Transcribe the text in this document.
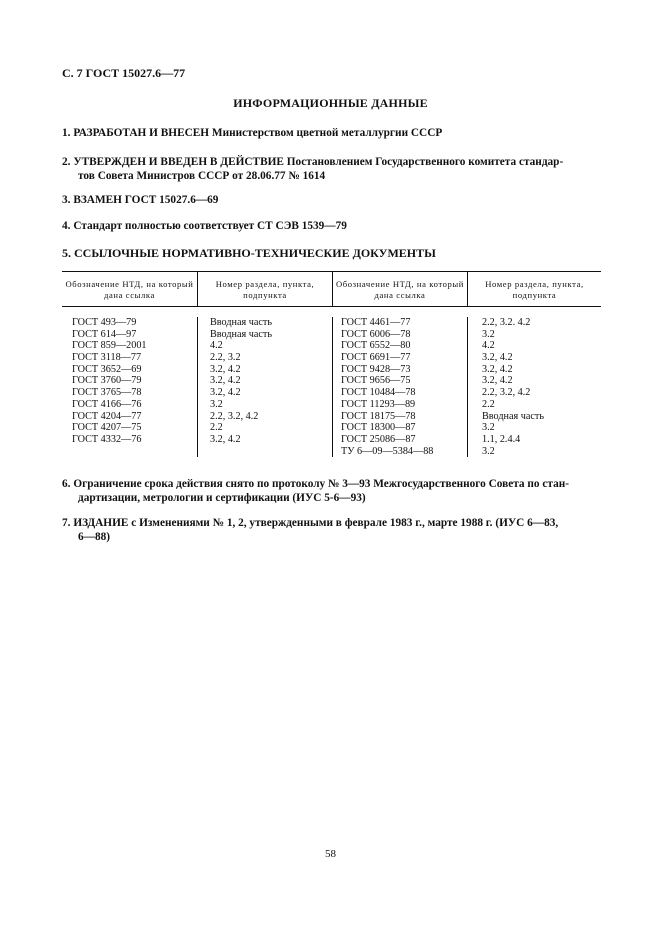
С. 7 ГОСТ 15027.6—77
ИНФОРМАЦИОННЫЕ ДАННЫЕ
1. РАЗРАБОТАН И ВНЕСЕН Министерством цветной металлургии СССР
2. УТВЕРЖДЕН И ВВЕДЕН В ДЕЙСТВИЕ Постановлением Государственного комитета стандар-
тов Совета Министров СССР от 28.06.77 № 1614
3. ВЗАМЕН ГОСТ 15027.6—69
4. Стандарт полностью соответствует СТ СЭВ 1539—79
5. ССЫЛОЧНЫЕ НОРМАТИВНО-ТЕХНИЧЕСКИЕ ДОКУМЕНТЫ
Обозначение НТД, на который дана ссылка
Номер раздела, пункта, подпункта
Обозначение НТД, на который дана ссылка
Номер раздела, пункта, подпункта
ГОСТ 493—79
ГОСТ 614—97
ГОСТ 859—2001
ГОСТ 3118—77
ГОСТ 3652—69
ГОСТ 3760—79
ГОСТ 3765—78
ГОСТ 4166—76
ГОСТ 4204—77
ГОСТ 4207—75
ГОСТ 4332—76
Вводная часть
Вводная часть
4.2
2.2, 3.2
3.2, 4.2
3.2, 4.2
3.2, 4.2
3.2
2.2, 3.2, 4.2
2.2
3.2, 4.2
ГОСТ 4461—77
ГОСТ 6006—78
ГОСТ 6552—80
ГОСТ 6691—77
ГОСТ 9428—73
ГОСТ 9656—75
ГОСТ 10484—78
ГОСТ 11293—89
ГОСТ 18175—78
ГОСТ 18300—87
ГОСТ 25086—87
ТУ 6—09—5384—88
2.2, 3.2. 4.2
3.2
4.2
3.2, 4.2
3.2, 4.2
3.2, 4.2
2.2, 3.2, 4.2
2.2
Вводная часть
3.2
1.1, 2.4.4
3.2
6. Ограничение срока действия снято по протоколу № 3—93 Межгосударственного Совета по стан-
дартизации, метрологии и сертификации (ИУС 5-6—93)
7. ИЗДАНИЕ с Изменениями № 1, 2, утвержденными в феврале 1983 г., марте 1988 г. (ИУС 6—83,
6—88)
58
